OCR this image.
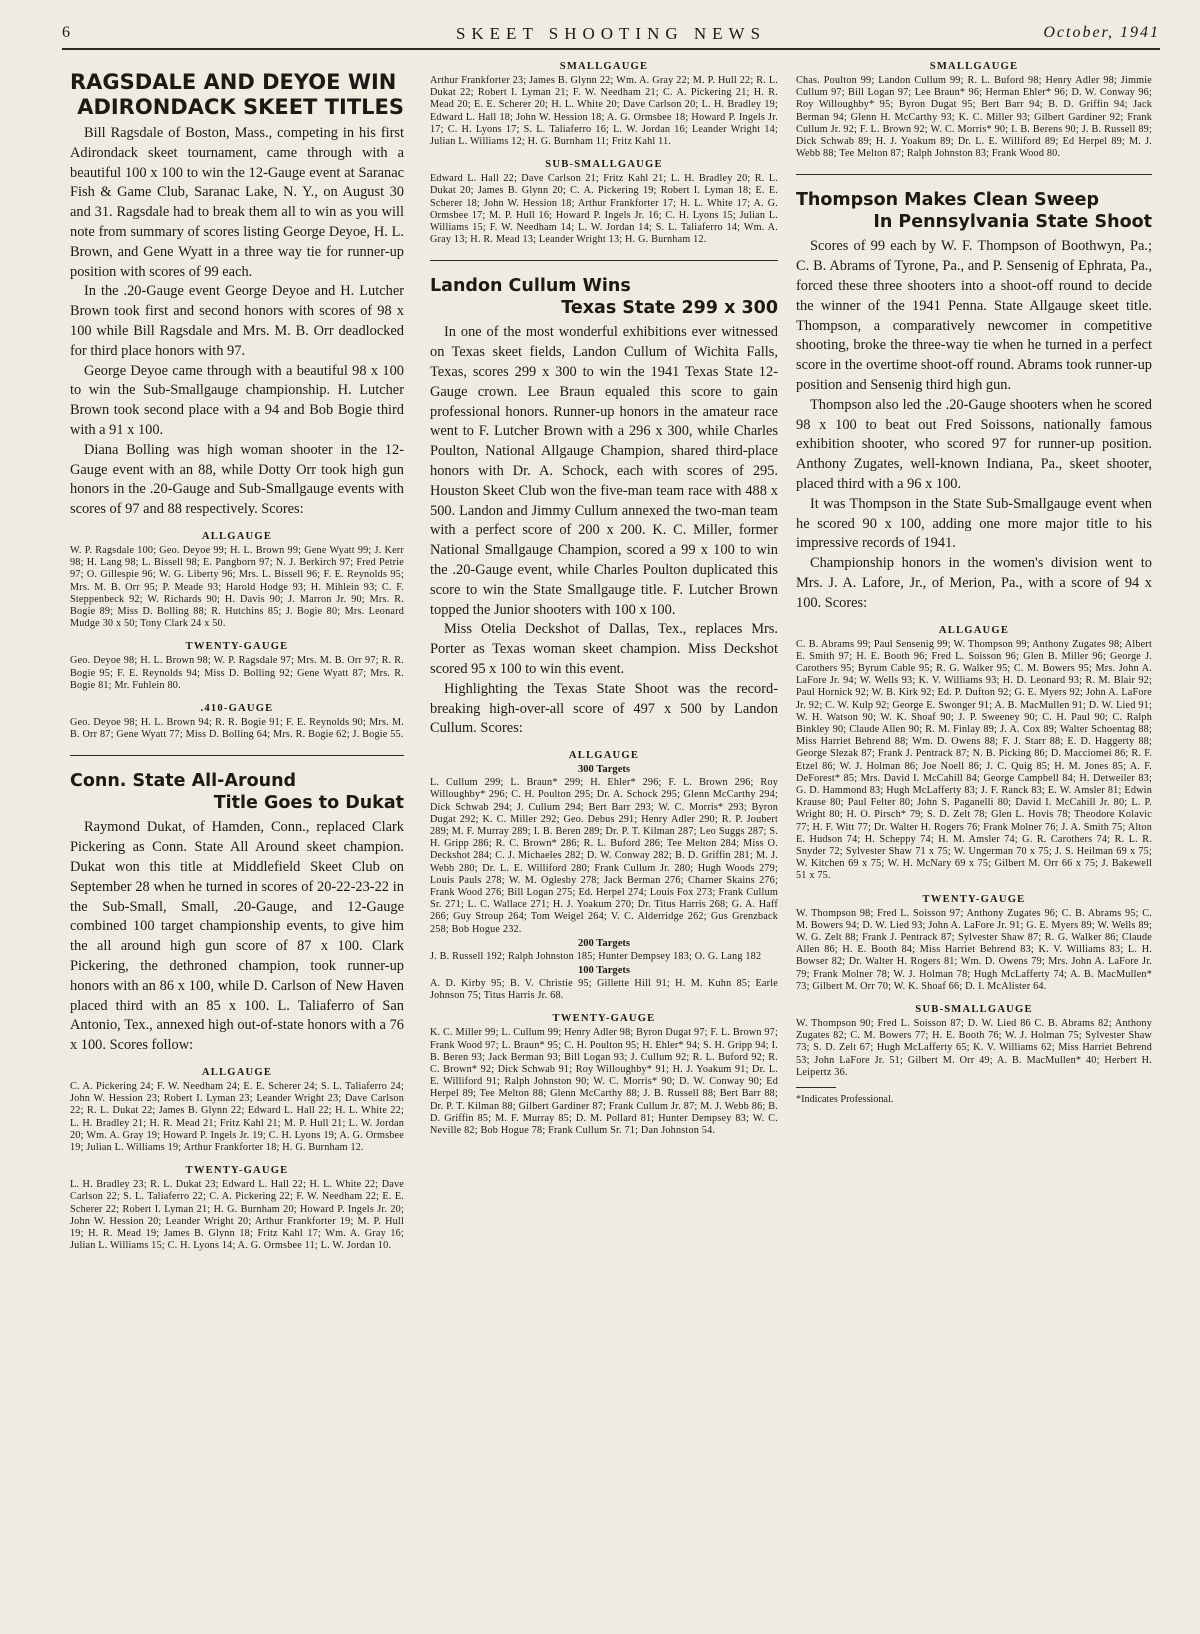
6	SKEET SHOOTING NEWS	October, 1941
RAGSDALE AND DEYOE WIN
ADIRONDACK SKEET TITLES

Bill Ragsdale of Boston, Mass., competing in his first Adirondack skeet tournament, came through with a beautiful 100 x 100 to win the 12-Gauge event at Saranac Fish & Game Club, Saranac Lake, N. Y., on August 30 and 31. Ragsdale had to break them all to win as you will note from summary of scores listing George Deyoe, H. L. Brown, and Gene Wyatt in a three way tie for runner-up position with scores of 99 each.

In the .20-Gauge event George Deyoe and H. Lutcher Brown took first and second honors with scores of 98 x 100 while Bill Ragsdale and Mrs. M. B. Orr deadlocked for third place honors with 97.

George Deyoe came through with a beautiful 98 x 100 to win the Sub-Smallgauge championship. H. Lutcher Brown took second place with a 94 and Bob Bogie third with a 91 x 100.

Diana Bolling was high woman shooter in the 12-Gauge event with an 88, while Dotty Orr took high gun honors in the .20-Gauge and Sub-Smallgauge events with scores of 97 and 88 respectively. Scores:

ALLGAUGE

W. P. Ragsdale 100; Geo. Deyoe 99; H. L. Brown 99; Gene Wyatt 99; J. Kerr 98; H. Lang 98; L. Bissell 98; E. Pangborn 97; N. J. Berkirch 97; Fred Petrie 97; O. Gillespie 96; W. G. Liberty 96; Mrs. L. Bissell 96; F. E. Reynolds 95; Mrs. M. B. Orr 95; P. Meade 93; Harold Hodge 93; H. Mihlein 93; C. F. Steppenbeck 92; W. Richards 90; H. Davis 90; J. Marron Jr. 90; Mrs. R. Bogie 89; Miss D. Bolling 88; R. Hutchins 85; J. Bogie 80; Mrs. Leonard Mudge 30 x 50; Tony Clark 24 x 50.

TWENTY-GAUGE

Geo. Deyoe 98; H. L. Brown 98; W. P. Ragsdale 97; Mrs. M. B. Orr 97; R. R. Bogie 95; F. E. Reynolds 94; Miss D. Bolling 92; Gene Wyatt 87; Mrs. R. Bogie 81; Mr. Fuhlein 80.

.410-GAUGE

Geo. Deyoe 98; H. L. Brown 94; R. R. Bogie 91; F. E. Reynolds 90; Mrs. M. B. Orr 87; Gene Wyatt 77; Miss D. Bolling 64; Mrs. R. Bogie 62; J. Bogie 55.

Conn. State All-Around
Title Goes to Dukat

Raymond Dukat, of Hamden, Conn., replaced Clark Pickering as Conn. State All Around skeet champion. Dukat won this title at Middlefield Skeet Club on September 28 when he turned in scores of 20-22-23-22 in the Sub-Small, Small, .20-Gauge, and 12-Gauge combined 100 target championship events, to give him the all around high gun score of 87 x 100. Clark Pickering, the dethroned champion, took runner-up honors with an 86 x 100, while D. Carlson of New Haven placed third with an 85 x 100. L. Taliaferro of San Antonio, Tex., annexed high out-of-state honors with a 76 x 100. Scores follow:

ALLGAUGE

C. A. Pickering 24; F. W. Needham 24; E. E. Scherer 24; S. L. Taliaferro 24; John W. Hession 23; Robert I. Lyman 23; Leander Wright 23; Dave Carlson 22; R. L. Dukat 22; James B. Glynn 22; Edward L. Hall 22; H. L. White 22; L. H. Bradley 21; H. R. Mead 21; Fritz Kahl 21; M. P. Hull 21; L. W. Jordan 20; Wm. A. Gray 19; Howard P. Ingels Jr. 19; C. H. Lyons 19; A. G. Ormsbee 19; Julian L. Williams 19; Arthur Frankforter 18; H. G. Burnham 12.

TWENTY-GAUGE

L. H. Bradley 23; R. L. Dukat 23; Edward L. Hall 22; H. L. White 22; Dave Carlson 22; S. L. Taliaferro 22; C. A. Pickering 22; F. W. Needham 22; E. E. Scherer 22; Robert I. Lyman 21; H. G. Burnham 20; Howard P. Ingels Jr. 20; John W. Hession 20; Leander Wright 20; Arthur Frankforter 19; M. P. Hull 19; H. R. Mead 19; James B. Glynn 18; Fritz Kahl 17; Wm. A. Gray 16; Julian L. Williams 15; C. H. Lyons 14; A. G. Ormsbee 11; L. W. Jordan 10.

SMALLGAUGE

Arthur Frankforter 23; James B. Glynn 22; Wm. A. Gray 22; M. P. Hull 22; R. L. Dukat 22; Robert I. Lyman 21; F. W. Needham 21; C. A. Pickering 21; H. R. Mead 20; E. E. Scherer 20; H. L. White 20; Dave Carlson 20; L. H. Bradley 19; Edward L. Hall 18; John W. Hession 18; A. G. Ormsbee 18; Howard P. Ingels Jr. 17; C. H. Lyons 17; S. L. Taliaferro 16; L. W. Jordan 16; Leander Wright 14; Julian L. Williams 12; H. G. Burnham 11; Fritz Kahl 11.

SUB-SMALLGAUGE

Edward L. Hall 22; Dave Carlson 21; Fritz Kahl 21; L. H. Bradley 20; R. L. Dukat 20; James B. Glynn 20; C. A. Pickering 19; Robert I. Lyman 18; E. E. Scherer 18; John W. Hession 18; Arthur Frankforter 17; H. L. White 17; A. G. Ormsbee 17; M. P. Hull 16; Howard P. Ingels Jr. 16; C. H. Lyons 15; Julian L. Williams 15; F. W. Needham 14; L. W. Jordan 14; S. L. Taliaferro 14; Wm. A. Gray 13; H. R. Mead 13; Leander Wright 13; H. G. Burnham 12.

Landon Cullum Wins
Texas State 299 x 300

In one of the most wonderful exhibitions ever witnessed on Texas skeet fields, Landon Cullum of Wichita Falls, Texas, scores 299 x 300 to win the 1941 Texas State 12-Gauge crown. Lee Braun equaled this score to gain professional honors. Runner-up honors in the amateur race went to F. Lutcher Brown with a 296 x 300, while Charles Poulton, National Allgauge Champion, shared third-place honors with Dr. A. Schock, each with scores of 295. Houston Skeet Club won the five-man team race with 488 x 500. Landon and Jimmy Cullum annexed the two-man team with a perfect score of 200 x 200. K. C. Miller, former National Smallgauge Champion, scored a 99 x 100 to win the .20-Gauge event, while Charles Poulton duplicated this score to win the State Smallgauge title. F. Lutcher Brown topped the Junior shooters with 100 x 100.

Miss Otelia Deckshot of Dallas, Tex., replaces Mrs. Porter as Texas woman skeet champion. Miss Deckshot scored 95 x 100 to win this event.

Highlighting the Texas State Shoot was the record-breaking high-over-all score of 497 x 500 by Landon Cullum. Scores:

ALLGAUGE
300 Targets

L. Cullum 299; L. Braun* 299; H. Ehler* 296; F. L. Brown 296; Roy Willoughby* 296; C. H. Poulton 295; Dr. A. Schock 295; Glenn McCarthy 294; Dick Schwab 294; J. Cullum 294; Bert Barr 293; W. C. Morris* 293; Byron Dugat 292; K. C. Miller 292; Geo. Debus 291; Henry Adler 290; R. P. Joubert 289; M. F. Murray 289; I. B. Beren 289; Dr. P. T. Kilman 287; Leo Suggs 287; S. H. Gripp 286; R. C. Brown* 286; R. L. Buford 286; Tee Melton 284; Miss O. Deckshot 284; C. J. Michaeles 282; D. W. Conway 282; B. D. Griffin 281; M. J. Webb 280; Dr. L. E. Williford 280; Frank Cullum Jr. 280; Hugh Woods 279; Louis Pauls 278; W. M. Oglesby 278; Jack Berman 276; Charner Skains 276; Frank Wood 276; Bill Logan 275; Ed. Herpel 274; Louis Fox 273; Frank Cullum Sr. 271; L. C. Wallace 271; H. J. Yoakum 270; Dr. Titus Harris 268; G. A. Haff 266; Guy Stroup 264; Tom Weigel 264; V. C. Alderridge 262; Gus Grenzback 258; Bob Hogue 232.

200 Targets

J. B. Russell 192; Ralph Johnston 185; Hunter Dempsey 183; O. G. Lang 182

100 Targets

A. D. Kirby 95; B. V. Christie 95; Gillette Hill 91; H. M. Kuhn 85; Earle Johnson 75; Titus Harris Jr. 68.

TWENTY-GAUGE

K. C. Miller 99; L. Cullum 99; Henry Adler 98; Byron Dugat 97; F. L. Brown 97; Frank Wood 97; L. Braun* 95; C. H. Poulton 95; H. Ehler* 94; S. H. Gripp 94; I. B. Beren 93; Jack Berman 93; Bill Logan 93; J. Cullum 92; R. L. Buford 92; R. C. Brown* 92; Dick Schwab 91; Roy Willoughby* 91; H. J. Yoakum 91; Dr. L. E. Williford 91; Ralph Johnston 90; W. C. Morris* 90; D. W. Conway 90; Ed Herpel 89; Tee Melton 88; Glenn McCarthy 88; J. B. Russell 88; Bert Barr 88; Dr. P. T. Kilman 88; Gilbert Gardiner 87; Frank Cullum Jr. 87; M. J. Webb 86; B. D. Griffin 85; M. F. Murray 85; D. M. Pollard 81; Hunter Dempsey 83; W. C. Neville 82; Bob Hogue 78; Frank Cullum Sr. 71; Dan Johnston 54.

SMALLGAUGE

Chas. Poulton 99; Landon Cullum 99; R. L. Buford 98; Henry Adler 98; Jimmie Cullum 97; Bill Logan 97; Lee Braun* 96; Herman Ehler* 96; D. W. Conway 96; Roy Willoughby* 95; Byron Dugat 95; Bert Barr 94; B. D. Griffin 94; Jack Berman 94; Glenn H. McCarthy 93; K. C. Miller 93; Gilbert Gardiner 92; Frank Cullum Jr. 92; F. L. Brown 92; W. C. Morris* 90; I. B. Berens 90; J. B. Russell 89; Dick Schwab 89; H. J. Yoakum 89; Dr. L. E. Williford 89; Ed Herpel 89; M. J. Webb 88; Tee Melton 87; Ralph Johnston 83; Frank Wood 80.

Thompson Makes Clean Sweep
In Pennsylvania State Shoot

Scores of 99 each by W. F. Thompson of Boothwyn, Pa.; C. B. Abrams of Tyrone, Pa., and P. Sensenig of Ephrata, Pa., forced these three shooters into a shoot-off round to decide the winner of the 1941 Penna. State Allgauge skeet title. Thompson, a comparatively newcomer in competitive shooting, broke the three-way tie when he turned in a perfect score in the overtime shoot-off round. Abrams took runner-up position and Sensenig third high gun.

Thompson also led the .20-Gauge shooters when he scored 98 x 100 to beat out Fred Soissons, nationally famous exhibition shooter, who scored 97 for runner-up position. Anthony Zugates, well-known Indiana, Pa., skeet shooter, placed third with a 96 x 100.

It was Thompson in the State Sub-Smallgauge event when he scored 90 x 100, adding one more major title to his impressive records of 1941.

Championship honors in the women's division went to Mrs. J. A. Lafore, Jr., of Merion, Pa., with a score of 94 x 100. Scores:

ALLGAUGE

C. B. Abrams 99; Paul Sensenig 99; W. Thompson 99; Anthony Zugates 98; Albert E. Smith 97; H. E. Booth 96; Fred L. Soisson 96; Glen B. Miller 96; George J. Carothers 95; Byrum Cable 95; R. G. Walker 95; C. M. Bowers 95; Mrs. John A. LaFore Jr. 94; W. Wells 93; K. V. Williams 93; H. D. Leonard 93; R. M. Blair 92; Paul Hornick 92; W. B. Kirk 92; Ed. P. Dufton 92; G. E. Myers 92; John A. LaFore Jr. 92; C. W. Kulp 92; George E. Swonger 91; A. B. MacMullen 91; D. W. Lied 91; W. H. Watson 90; W. K. Shoaf 90; J. P. Sweeney 90; C. H. Paul 90; C. Ralph Binkley 90; Claude Allen 90; R. M. Finlay 89; J. A. Cox 89; Walter Schoentag 88; Miss Harriet Behrend 88; Wm. D. Owens 88; F. J. Starr 88; E. D. Haggerty 88; George Slezak 87; Frank J. Pentrack 87; N. B. Picking 86; D. Macciomei 86; R. F. Etzel 86; W. J. Holman 86; Joe Noell 86; J. C. Quig 85; H. M. Jones 85; A. F. DeForest* 85; Mrs. David I. McCahill 84; George Campbell 84; H. Detweiler 83; G. D. Hammond 83; Hugh McLafferty 83; J. F. Ranck 83; E. W. Amsler 81; Edwin Krause 80; Paul Felter 80; John S. Paganelli 80; David I. McCahill Jr. 80; L. P. Wright 80; H. O. Pirsch* 79; S. D. Zelt 78; Glen L. Hovis 78; Theodore Kolavic 77; H. F. Witt 77; Dr. Walter H. Rogers 76; Frank Molner 76; J. A. Smith 75; Alton E. Hudson 74; H. Scheppy 74; H. M. Amsler 74; G. R. Carothers 74; R. L. R. Snyder 72; Sylvester Shaw 71 x 75; W. Ungerman 70 x 75; J. S. Heilman 69 x 75; W. Kitchen 69 x 75; W. H. McNary 69 x 75; Gilbert M. Orr 66 x 75; J. Bakewell 51 x 75.

TWENTY-GAUGE

W. Thompson 98; Fred L. Soisson 97; Anthony Zugates 96; C. B. Abrams 95; C. M. Bowers 94; D. W. Lied 93; John A. LaFore Jr. 91; G. E. Myers 89; W. Wells 89; W. G. Zelt 88; Frank J. Pentrack 87; Sylvester Shaw 87; R. G. Walker 86; Claude Allen 86; H. E. Booth 84; Miss Harriet Behrend 83; K. V. Williams 83; L. H. Bowser 82; Dr. Walter H. Rogers 81; Wm. D. Owens 79; Mrs. John A. LaFore Jr. 79; Frank Molner 78; W. J. Holman 78; Hugh McLafferty 74; A. B. MacMullen* 73; Gilbert M. Orr 70; W. K. Shoaf 66; D. I. McAlister 64.

SUB-SMALLGAUGE

W. Thompson 90; Fred L. Soisson 87; D. W. Lied 86 C. B. Abrams 82; Anthony Zugates 82; C. M. Bowers 77; H. E. Booth 76; W. J. Holman 75; Sylvester Shaw 73; S. D. Zelt 67; Hugh McLafferty 65; K. V. Williams 62; Miss Harriet Behrend 53; John LaFore Jr. 51; Gilbert M. Orr 49; A. B. MacMullen* 40; Herbert H. Leipertz 36.

*Indicates Professional.
